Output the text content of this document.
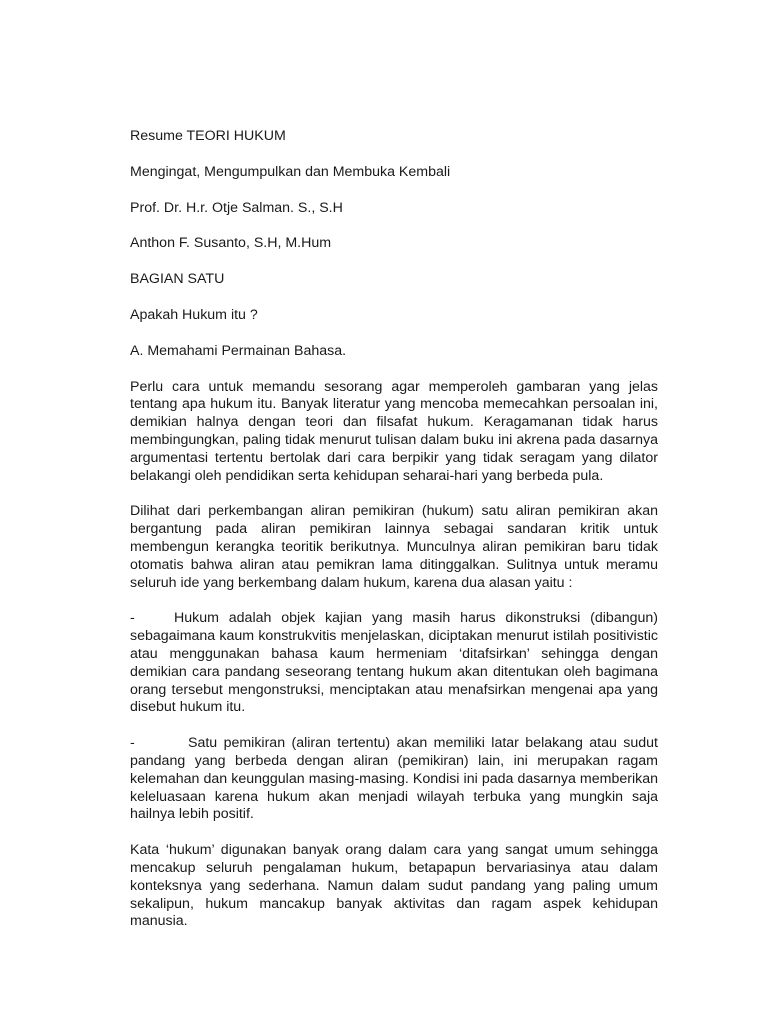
Resume TEORI HUKUM

Mengingat, Mengumpulkan dan Membuka Kembali

Prof. Dr. H.r. Otje Salman. S., S.H

Anthon F. Susanto, S.H, M.Hum

BAGIAN SATU

Apakah Hukum itu ?

A. Memahami Permainan Bahasa.

Perlu cara untuk memandu sesorang agar memperoleh gambaran yang jelas tentang apa hukum itu. Banyak literatur yang mencoba memecahkan persoalan ini, demikian halnya dengan teori dan filsafat hukum. Keragamanan tidak harus membingungkan, paling tidak menurut tulisan dalam buku ini akrena pada dasarnya argumentasi tertentu bertolak dari cara berpikir yang tidak seragam yang dilator belakangi oleh pendidikan serta kehidupan seharai-hari yang berbeda pula.

Dilihat dari perkembangan aliran pemikiran (hukum) satu aliran pemikiran akan bergantung pada aliran pemikiran lainnya sebagai sandaran kritik untuk membengun kerangka teoritik berikutnya. Munculnya aliran pemikiran baru tidak otomatis bahwa aliran atau pemikran lama ditinggalkan. Sulitnya untuk meramu seluruh ide yang berkembang dalam hukum, karena dua alasan yaitu :

-	Hukum adalah objek kajian yang masih harus dikonstruksi (dibangun) sebagaimana kaum konstrukvitis menjelaskan, diciptakan menurut istilah positivistic atau menggunakan bahasa kaum hermeniam ‘ditafsirkan’ sehingga dengan demikian cara pandang seseorang tentang hukum akan ditentukan oleh bagimana orang tersebut mengonstruksi, menciptakan atau menafsirkan mengenai apa yang disebut hukum itu.

-	Satu pemikiran (aliran tertentu) akan memiliki latar belakang atau sudut pandang yang berbeda dengan aliran (pemikiran) lain, ini merupakan ragam kelemahan dan keunggulan masing-masing. Kondisi ini pada dasarnya memberikan keleluasaan karena hukum akan menjadi wilayah terbuka yang mungkin saja hailnya lebih positif.

Kata ‘hukum’ digunakan banyak orang dalam cara yang sangat umum sehingga mencakup seluruh pengalaman hukum, betapapun bervariasinya atau dalam konteksnya yang sederhana. Namun dalam sudut pandang yang paling umum sekalipun, hukum mancakup banyak aktivitas dan ragam aspek kehidupan manusia.
